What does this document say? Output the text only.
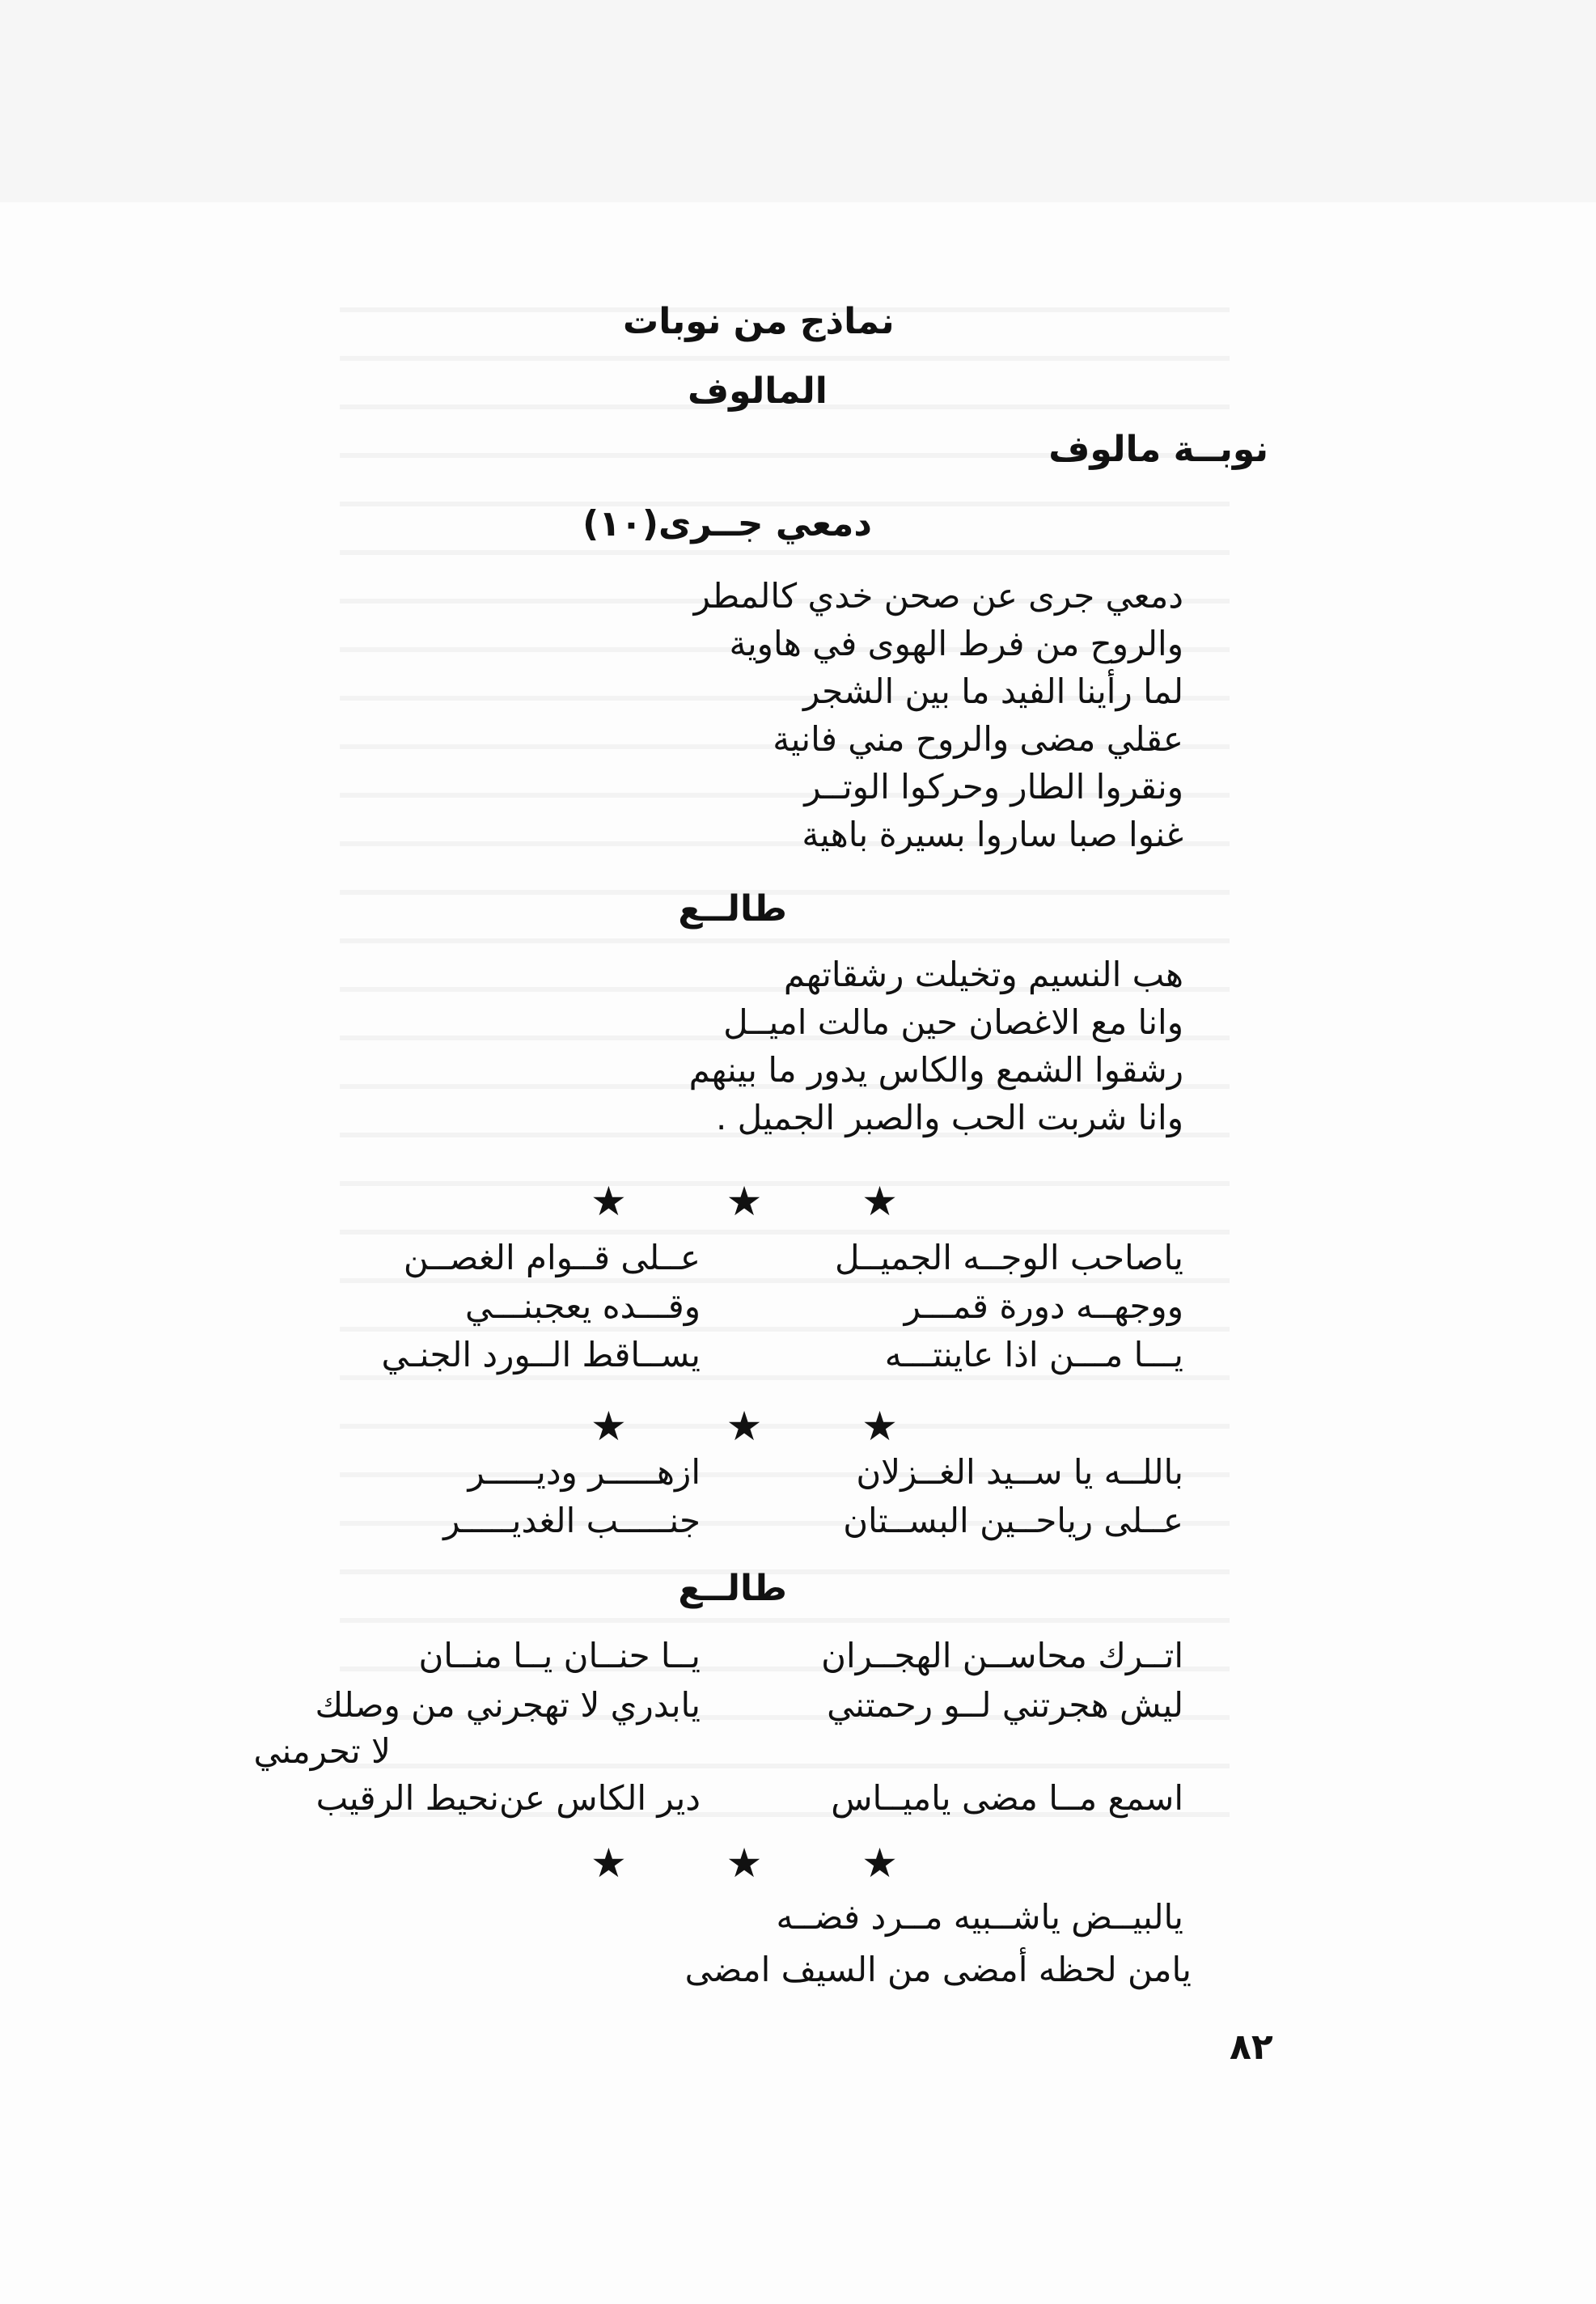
نماذج من نوبات
المالوف
نوبــة مالوف
دمعي جــرى(١٠)
دمعي جرى عن صحن خدي كالمطر
والروح من فرط الهوى في هاوية
لما رأينا الفيد ما بين الشجر
عقلي مضى والروح مني فانية
ونقروا الطار وحركوا الوتــر
غنوا صبا ساروا بسيرة باهية
طالــع
هب النسيم وتخيلت رشقاتهم
وانا مع الاغصان حين مالت اميــل
رشقوا الشمع والكاس يدور ما بينهم
وانا شربت الحب والصبر الجميل .
★ ★ ★
ياصاحب الوجــه الجميــل
عــلى قــوام الغصــن
ووجهــه دورة قمـــر
وقـــده يعجبنـــي
يـــا مـــن اذا عاينتـــه
يســاقط الــورد الجنـي
★ ★ ★
باللــه يا ســيد الغــزلان
ازهـــــر وديـــــر
عــلى رياحــين البســتان
جنـــــب الغديـــــر
طالــع
اتــرك محاســن الهجــران
يــا حنــان يــا منــان
ليش هجرتني لــو رحمتني
يابدري لا تهجرني من وصلك
لا تحرمني
اسمع مــا مضى ياميــاس
دير الكاس عن‌نحيط الرقيب
★ ★ ★
يالبيــض ياشــبيه مــرد فضــه
يامن لحظه أمضى من السيف امضى
٨٢
